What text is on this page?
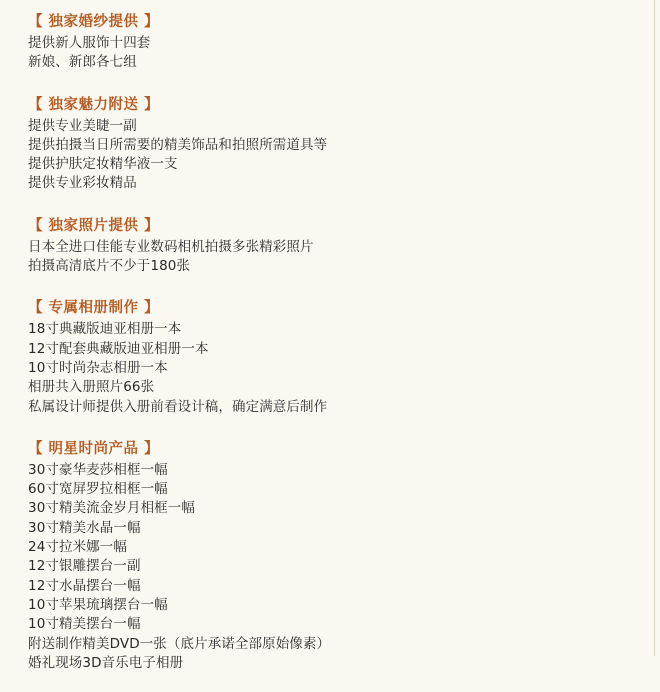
【 独家婚纱提供 】
提供新人服饰十四套
新娘、新郎各七组
【 独家魅力附送 】
提供专业美睫一副
提供拍摄当日所需要的精美饰品和拍照所需道具等
提供护肤定妆精华液一支
提供专业彩妆精品
【 独家照片提供 】
日本全进口佳能专业数码相机拍摄多张精彩照片
拍摄高清底片不少于180张
【 专属相册制作 】
18寸典藏版迪亚相册一本
12寸配套典藏版迪亚相册一本
10寸时尚杂志相册一本
相册共入册照片66张
私属设计师提供入册前看设计稿，确定满意后制作
【 明星时尚产品 】
30寸豪华麦莎相框一幅
60寸宽屏罗拉相框一幅
30寸精美流金岁月相框一幅
30寸精美水晶一幅
24寸拉米娜一幅
12寸银雕摆台一副
12寸水晶摆台一幅
10寸苹果琉璃摆台一幅
10寸精美摆台一幅
附送制作精美DVD一张（底片承诺全部原始像素）
婚礼现场3D音乐电子相册
